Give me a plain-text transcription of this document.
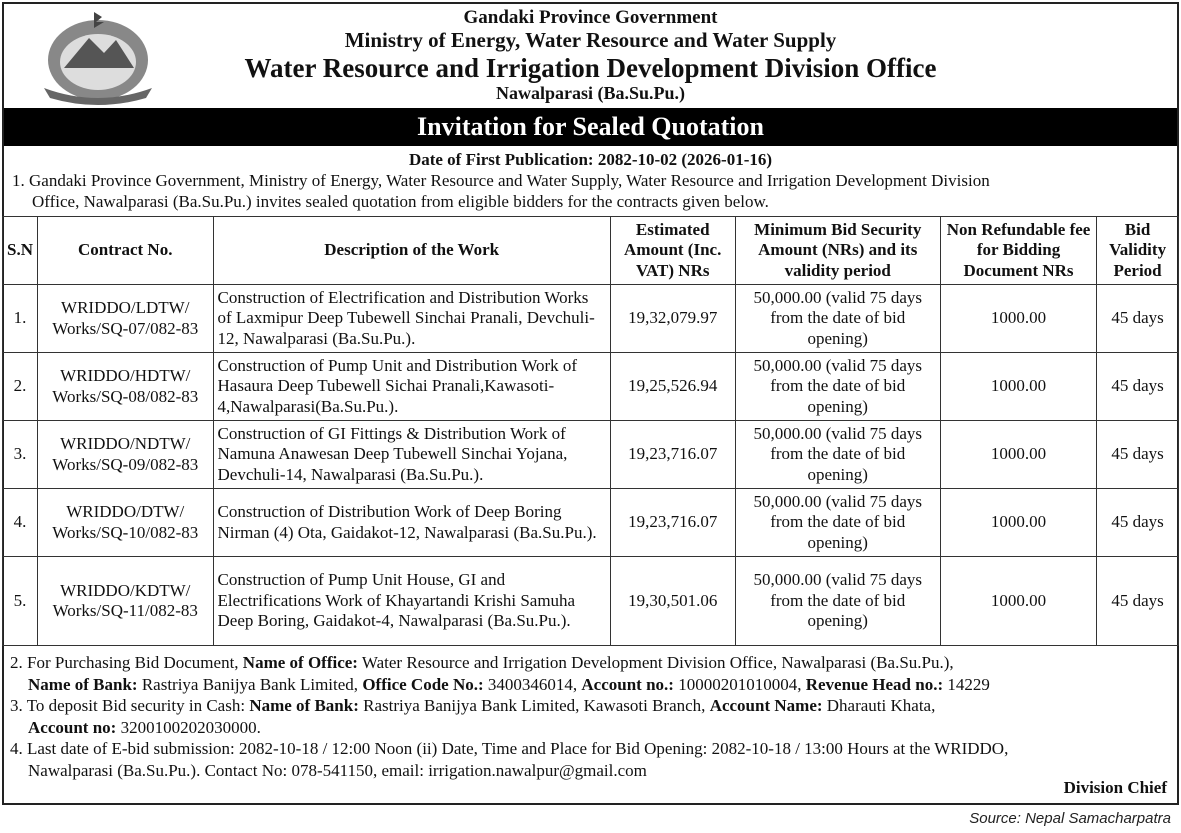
Gandaki Province Government
Ministry of Energy, Water Resource and Water Supply
Water Resource and Irrigation Development Division Office
Nawalparasi (Ba.Su.Pu.)
Invitation for Sealed Quotation
Date of First Publication: 2082-10-02 (2026-01-16)
1. Gandaki Province Government, Ministry of Energy, Water Resource and Water Supply, Water Resource and Irrigation Development Division
Office, Nawalparasi (Ba.Su.Pu.) invites sealed quotation from eligible bidders for the contracts given below.
S.N	Contract No.	Description of the Work	Estimated Amount (Inc. VAT) NRs	Minimum Bid Security Amount (NRs) and its validity period	Non Refundable fee for Bidding Document NRs	Bid Validity Period
1.	WRIDDO/LDTW/ Works/SQ-07/082-83	Construction of Electrification and Distribution Works of Laxmipur Deep Tubewell Sinchai Pranali, Devchuli-12, Nawalparasi (Ba.Su.Pu.).	19,32,079.97	50,000.00 (valid 75 days from the date of bid opening)	1000.00	45 days
2.	WRIDDO/HDTW/ Works/SQ-08/082-83	Construction of Pump Unit and Distribution Work of Hasaura Deep Tubewell Sichai Pranali,Kawasoti-4,Nawalparasi(Ba.Su.Pu.).	19,25,526.94	50,000.00 (valid 75 days from the date of bid opening)	1000.00	45 days
3.	WRIDDO/NDTW/ Works/SQ-09/082-83	Construction of GI Fittings & Distribution Work of Namuna Anawesan Deep Tubewell Sinchai Yojana, Devchuli-14, Nawalparasi (Ba.Su.Pu.).	19,23,716.07	50,000.00 (valid 75 days from the date of bid opening)	1000.00	45 days
4.	WRIDDO/DTW/ Works/SQ-10/082-83	Construction of Distribution Work of Deep Boring Nirman (4) Ota, Gaidakot-12, Nawalparasi (Ba.Su.Pu.).	19,23,716.07	50,000.00 (valid 75 days from the date of bid opening)	1000.00	45 days
5.	WRIDDO/KDTW/ Works/SQ-11/082-83	Construction of Pump Unit House, GI and Electrifications Work of Khayartandi Krishi Samuha Deep Boring, Gaidakot-4, Nawalparasi (Ba.Su.Pu.).	19,30,501.06	50,000.00 (valid 75 days from the date of bid opening)	1000.00	45 days
2. For Purchasing Bid Document, Name of Office: Water Resource and Irrigation Development Division Office, Nawalparasi (Ba.Su.Pu.),
Name of Bank: Rastriya Banijya Bank Limited, Office Code No.: 3400346014, Account no.: 10000201010004, Revenue Head no.: 14229
3. To deposit Bid security in Cash: Name of Bank: Rastriya Banijya Bank Limited, Kawasoti Branch, Account Name: Dharauti Khata,
Account no: 3200100202030000.
4. Last date of E-bid submission: 2082-10-18 / 12:00 Noon (ii) Date, Time and Place for Bid Opening: 2082-10-18 / 13:00 Hours at the WRIDDO,
Nawalparasi (Ba.Su.Pu.). Contact No: 078-541150, email: irrigation.nawalpur@gmail.com
Division Chief
Source: Nepal Samacharpatra
